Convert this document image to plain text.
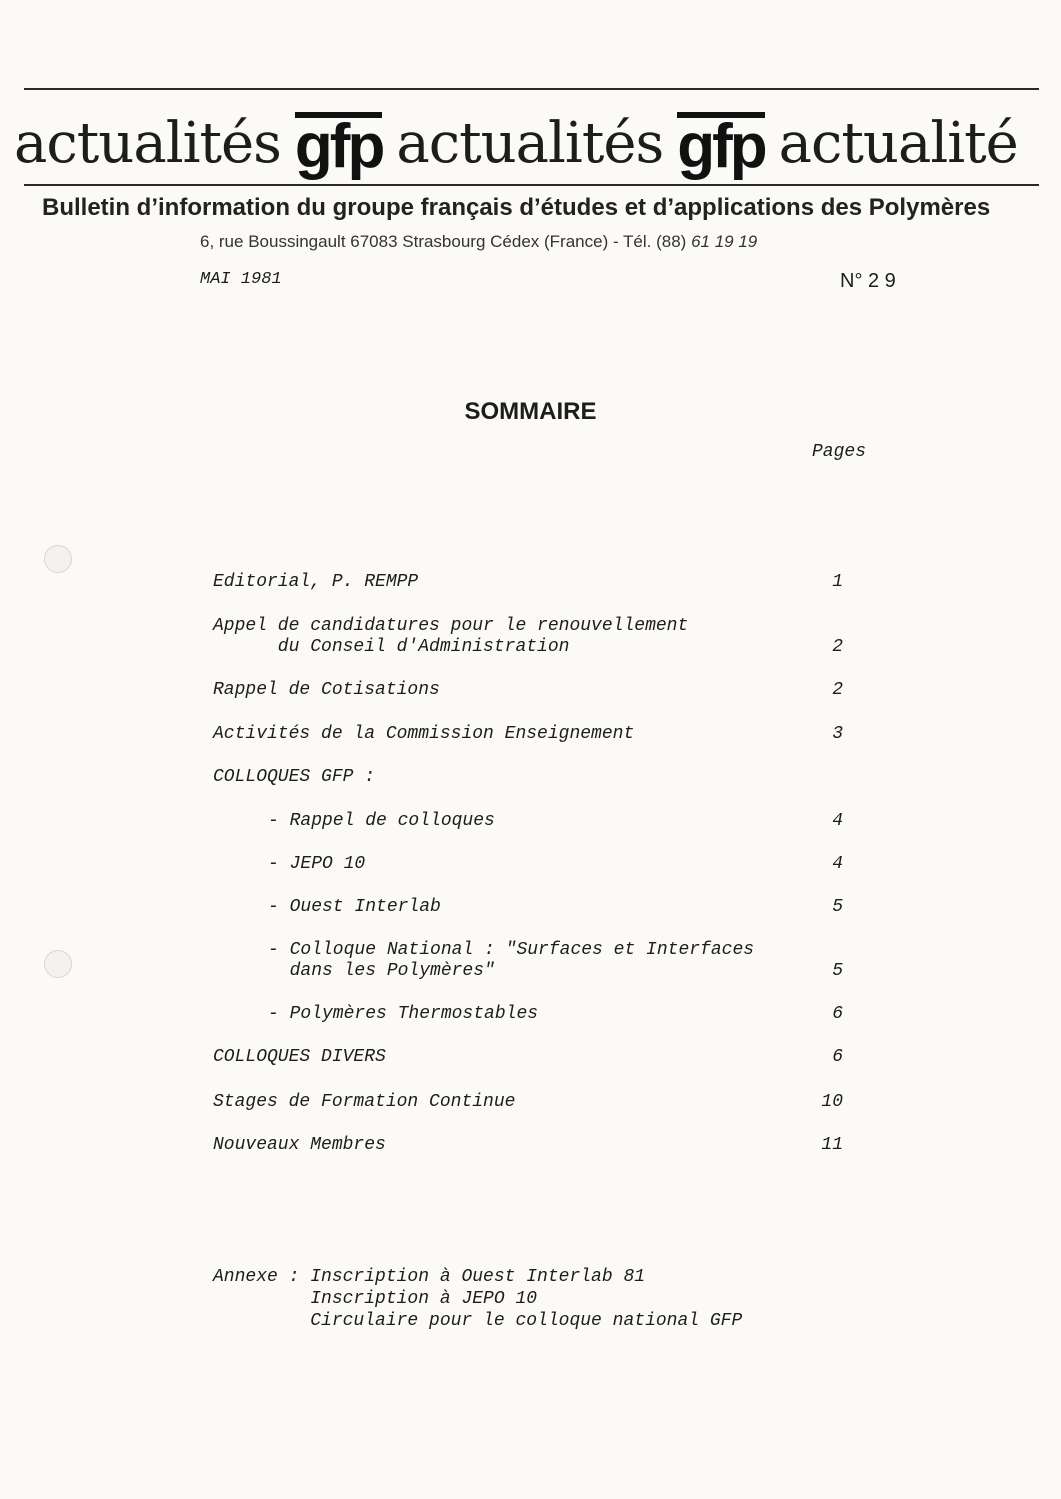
actualités gfp actualités gfp actualité
Bulletin d’information du groupe français d’études et d’applications des Polymères
6, rue Boussingault 67083 Strasbourg Cédex (France) - Tél. (88) 61 19 19
MAI 1981	N° 2 9
SOMMAIRE
Pages
Editorial, P. REMPP	1
Appel de candidatures pour le renouvellement
du Conseil d'Administration	2
Rappel de Cotisations	2
Activités de la Commission Enseignement	3
COLLOQUES GFP :
- Rappel de colloques	4
- JEPO 10	4
- Ouest Interlab	5
- Colloque National : "Surfaces et Interfaces
dans les Polymères"	5
- Polymères Thermostables	6
COLLOQUES DIVERS	6
Stages de Formation Continue	10
Nouveaux Membres	11
Annexe : Inscription à Ouest Interlab 81
Inscription à JEPO 10
Circulaire pour le colloque national GFP
